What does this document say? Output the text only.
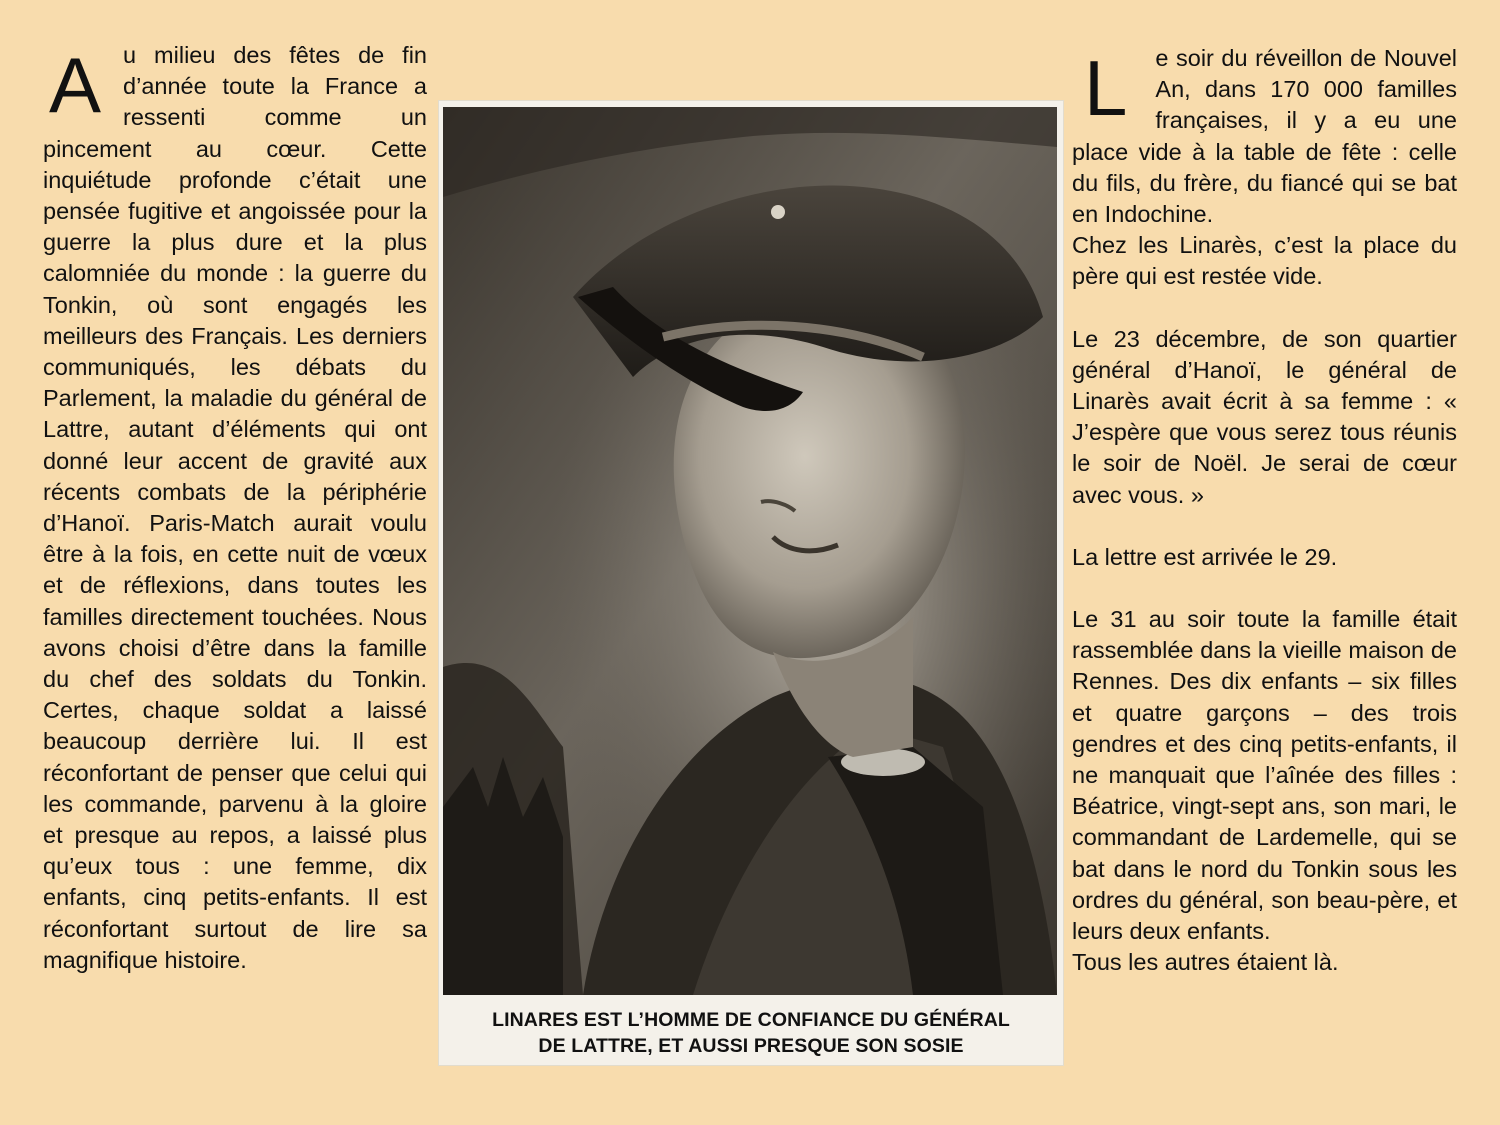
A u milieu des fêtes de fin d’année toute la France a ressenti comme un pincement au cœur. Cette inquiétude profonde c’était une pensée fugitive et angoissée pour la guerre la plus dure et la plus calomniée du monde : la guerre du Tonkin, où sont engagés les meilleurs des Français. Les derniers communiqués, les débats du Parlement, la maladie du général de Lattre, autant d’éléments qui ont donné leur accent de gravité aux récents combats de la périphérie d’Hanoï. Paris-Match aurait voulu être à la fois, en cette nuit de vœux et de réflexions, dans toutes les familles directement touchées. Nous avons choisi d’être dans la famille du chef des soldats du Tonkin. Certes, chaque soldat a laissé beaucoup derrière lui. Il est réconfortant de penser que celui qui les commande, parvenu à la gloire et presque au repos, a laissé plus qu’eux tous : une femme, dix enfants, cinq petits-enfants. Il est réconfortant surtout de lire sa magnifique histoire.

LINARES EST L’HOMME DE CONFIANCE DU GÉNÉRAL
DE LATTRE, ET AUSSI PRESQUE SON SOSIE
L	e soir du réveillon de Nouvel An, dans 170 000 familles françaises, il y a eu une place vide à la table de fête : celle du fils, du frère, du fiancé qui se bat en Indochine.

Chez les Linarès, c’est la place du père qui est restée vide.

Le 23 décembre, de son quartier général d’Hanoï, le général de Linarès avait écrit à sa femme : « J’espère que vous serez tous réunis le soir de Noël. Je serai de cœur avec vous. »

La lettre est arrivée le 29.

Le 31 au soir toute la famille était rassemblée dans la vieille maison de Rennes. Des dix enfants – six filles et quatre garçons – des trois gendres et des cinq petits-enfants, il ne manquait que l’aînée des filles : Béatrice, vingt-sept ans, son mari, le commandant de Lardemelle, qui se bat dans le nord du Tonkin sous les ordres du général, son beau-père, et leurs deux enfants.

Tous les autres étaient là.
